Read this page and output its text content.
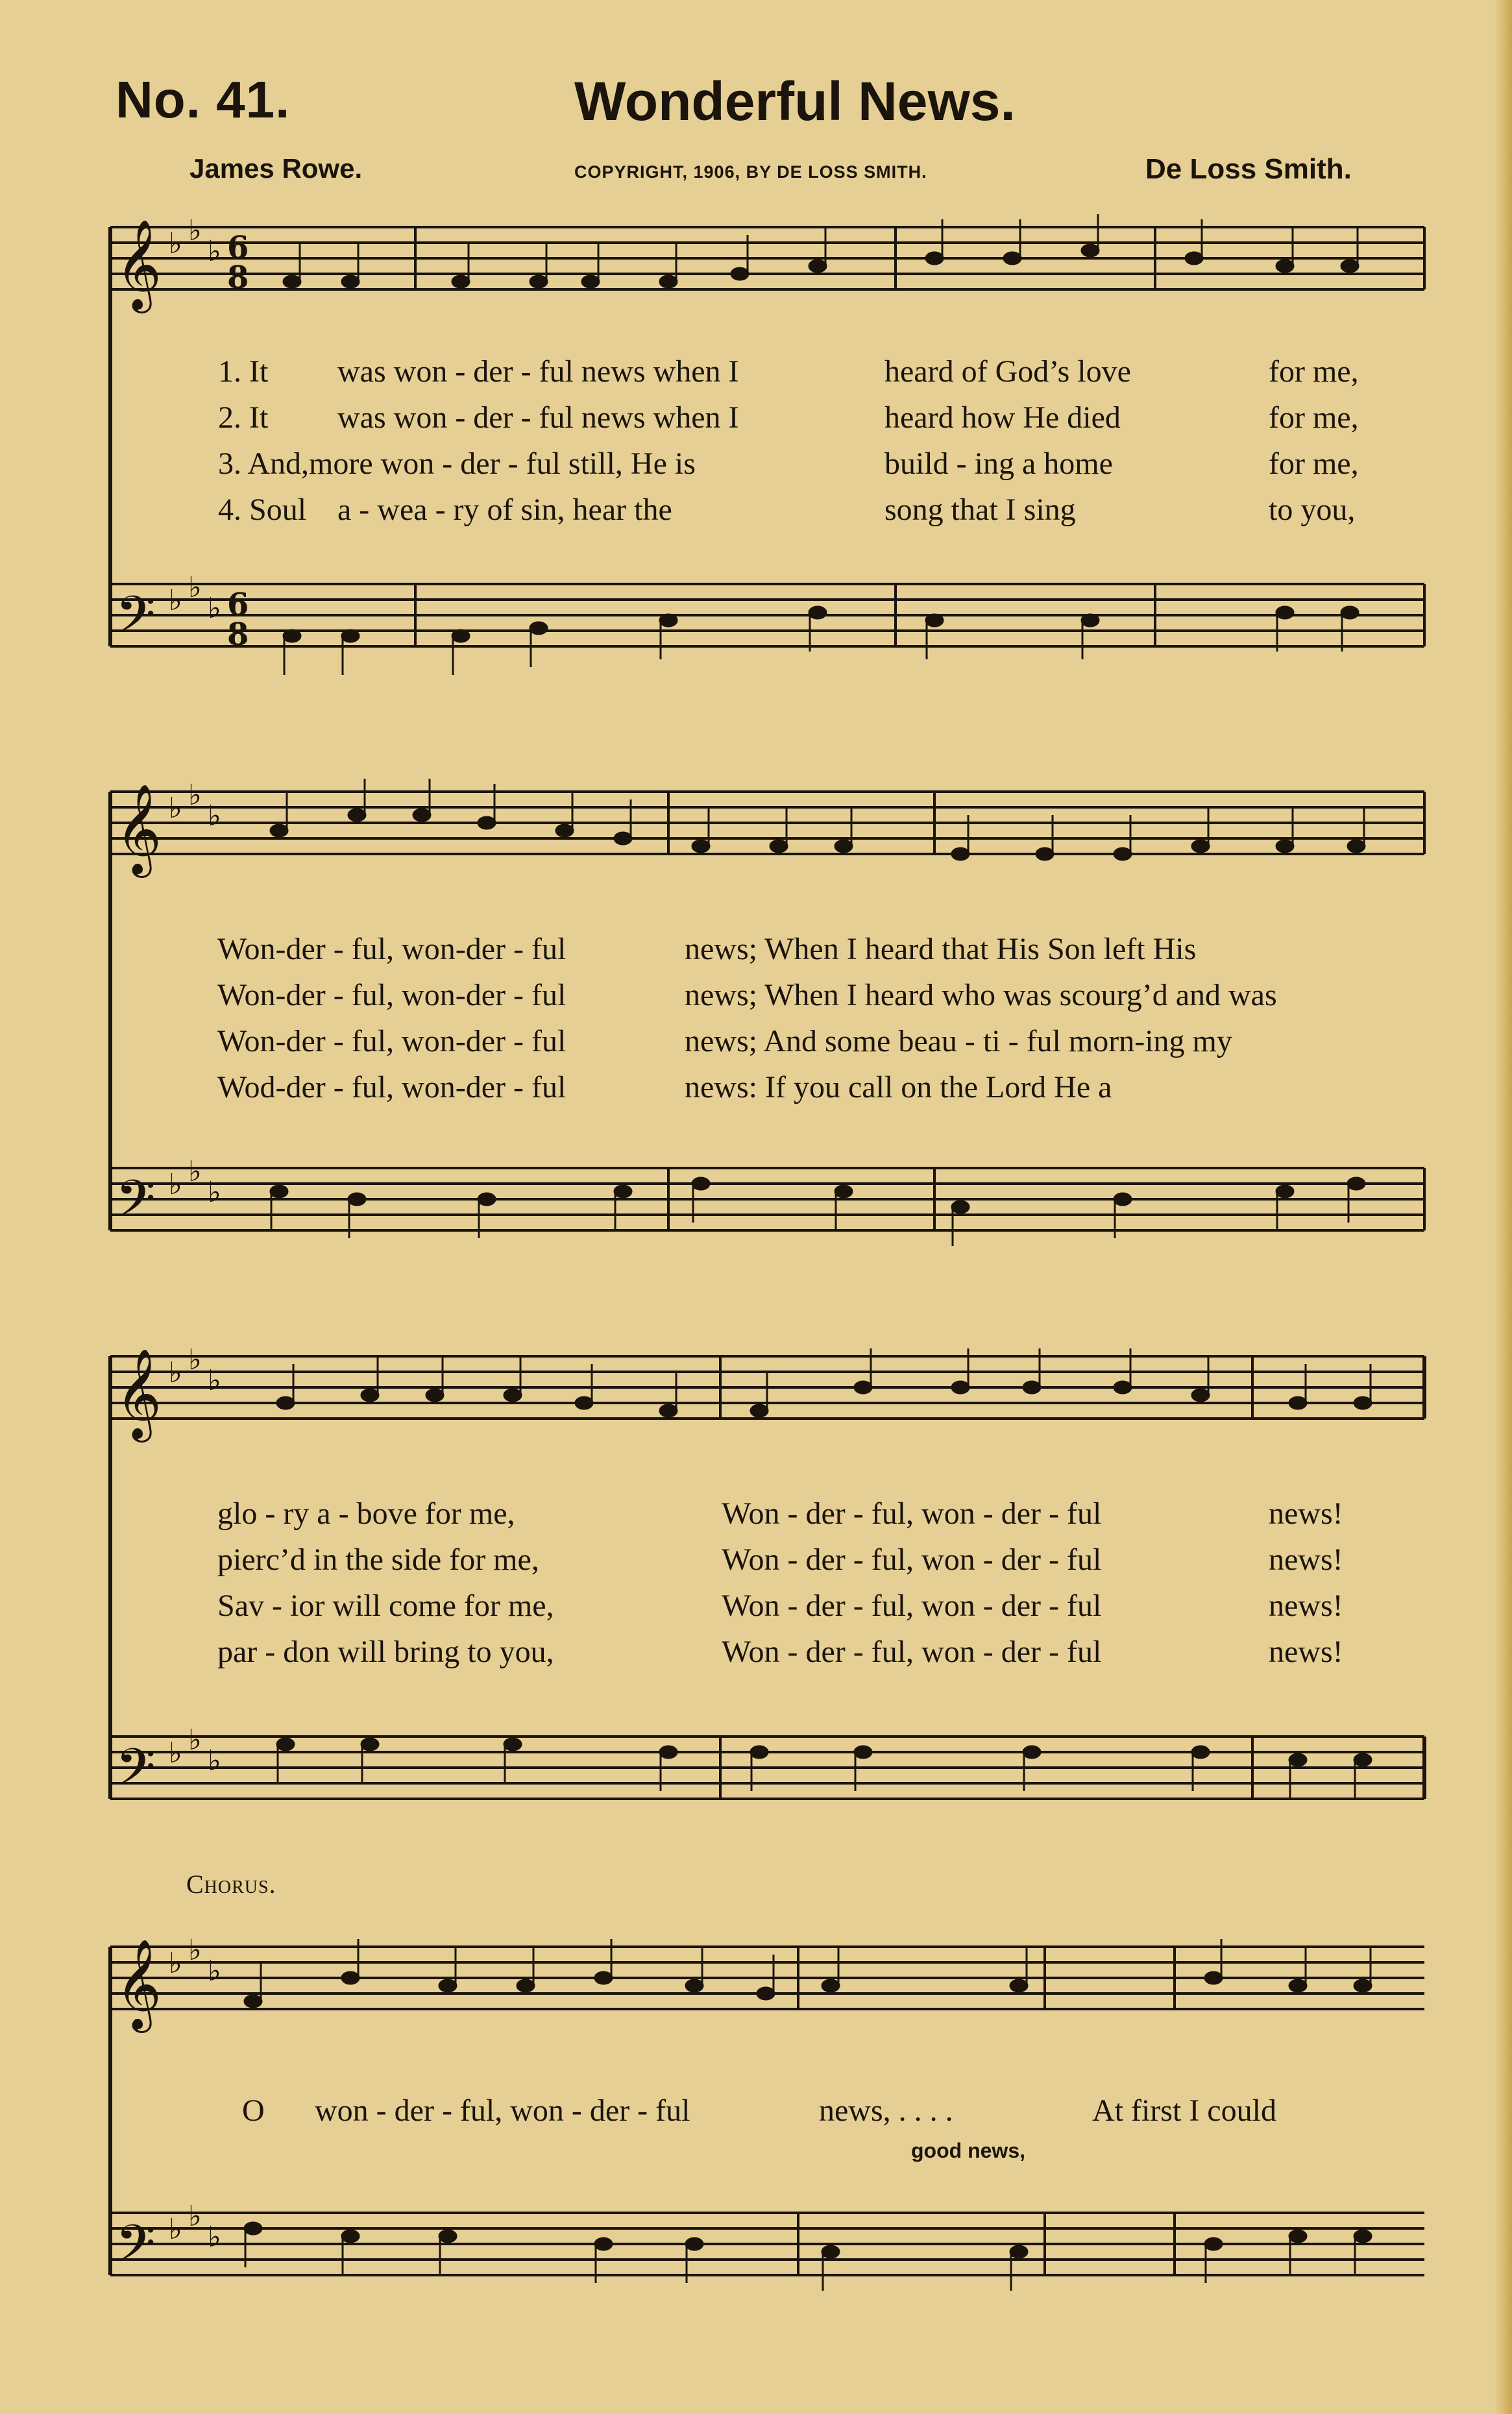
No. 41.	Wonderful News.
James Rowe.	COPYRIGHT, 1906, BY DE LOSS SMITH.	De Loss Smith.
𝄞
𝄢
♭ ♭
♭
♭ ♭
♭
6
8
6
8
1. It was won - der - ful news when I	heard of God’s love	for me,
2. It was won - der - ful news when I	heard how He died	for me,
3. And,more won - der - ful still, He is	build - ing a home	for me,
4. Soul a - wea - ry of sin, hear the	song that I sing	to you,
𝄞
𝄢
♭ ♭
♭
♭ ♭
♭
Won-der - ful, won-der - ful	news; When I heard that His Son left His
Won-der - ful, won-der - ful	news; When I heard who was scourg’d and was
Won-der - ful, won-der - ful	news; And some beau - ti - ful morn-ing my
Wod-der - ful, won-der - ful	news: If you call on the Lord He a
𝄞
𝄢
♭ ♭
♭
♭ ♭
♭
glo - ry a - bove for me,	Won - der - ful, won - der - ful	news!
pierc’d in the side for me,	Won - der - ful, won - der - ful	news!
Sav - ior will come for me,	Won - der - ful, won - der - ful	news!
par - don will bring to you,	Won - der - ful, won - der - ful	news!
Chorus.
𝄞
𝄢
♭ ♭
♭
♭ ♭
♭
O won - der - ful, won - der - ful	news, . . . .	At first I could
good news,
